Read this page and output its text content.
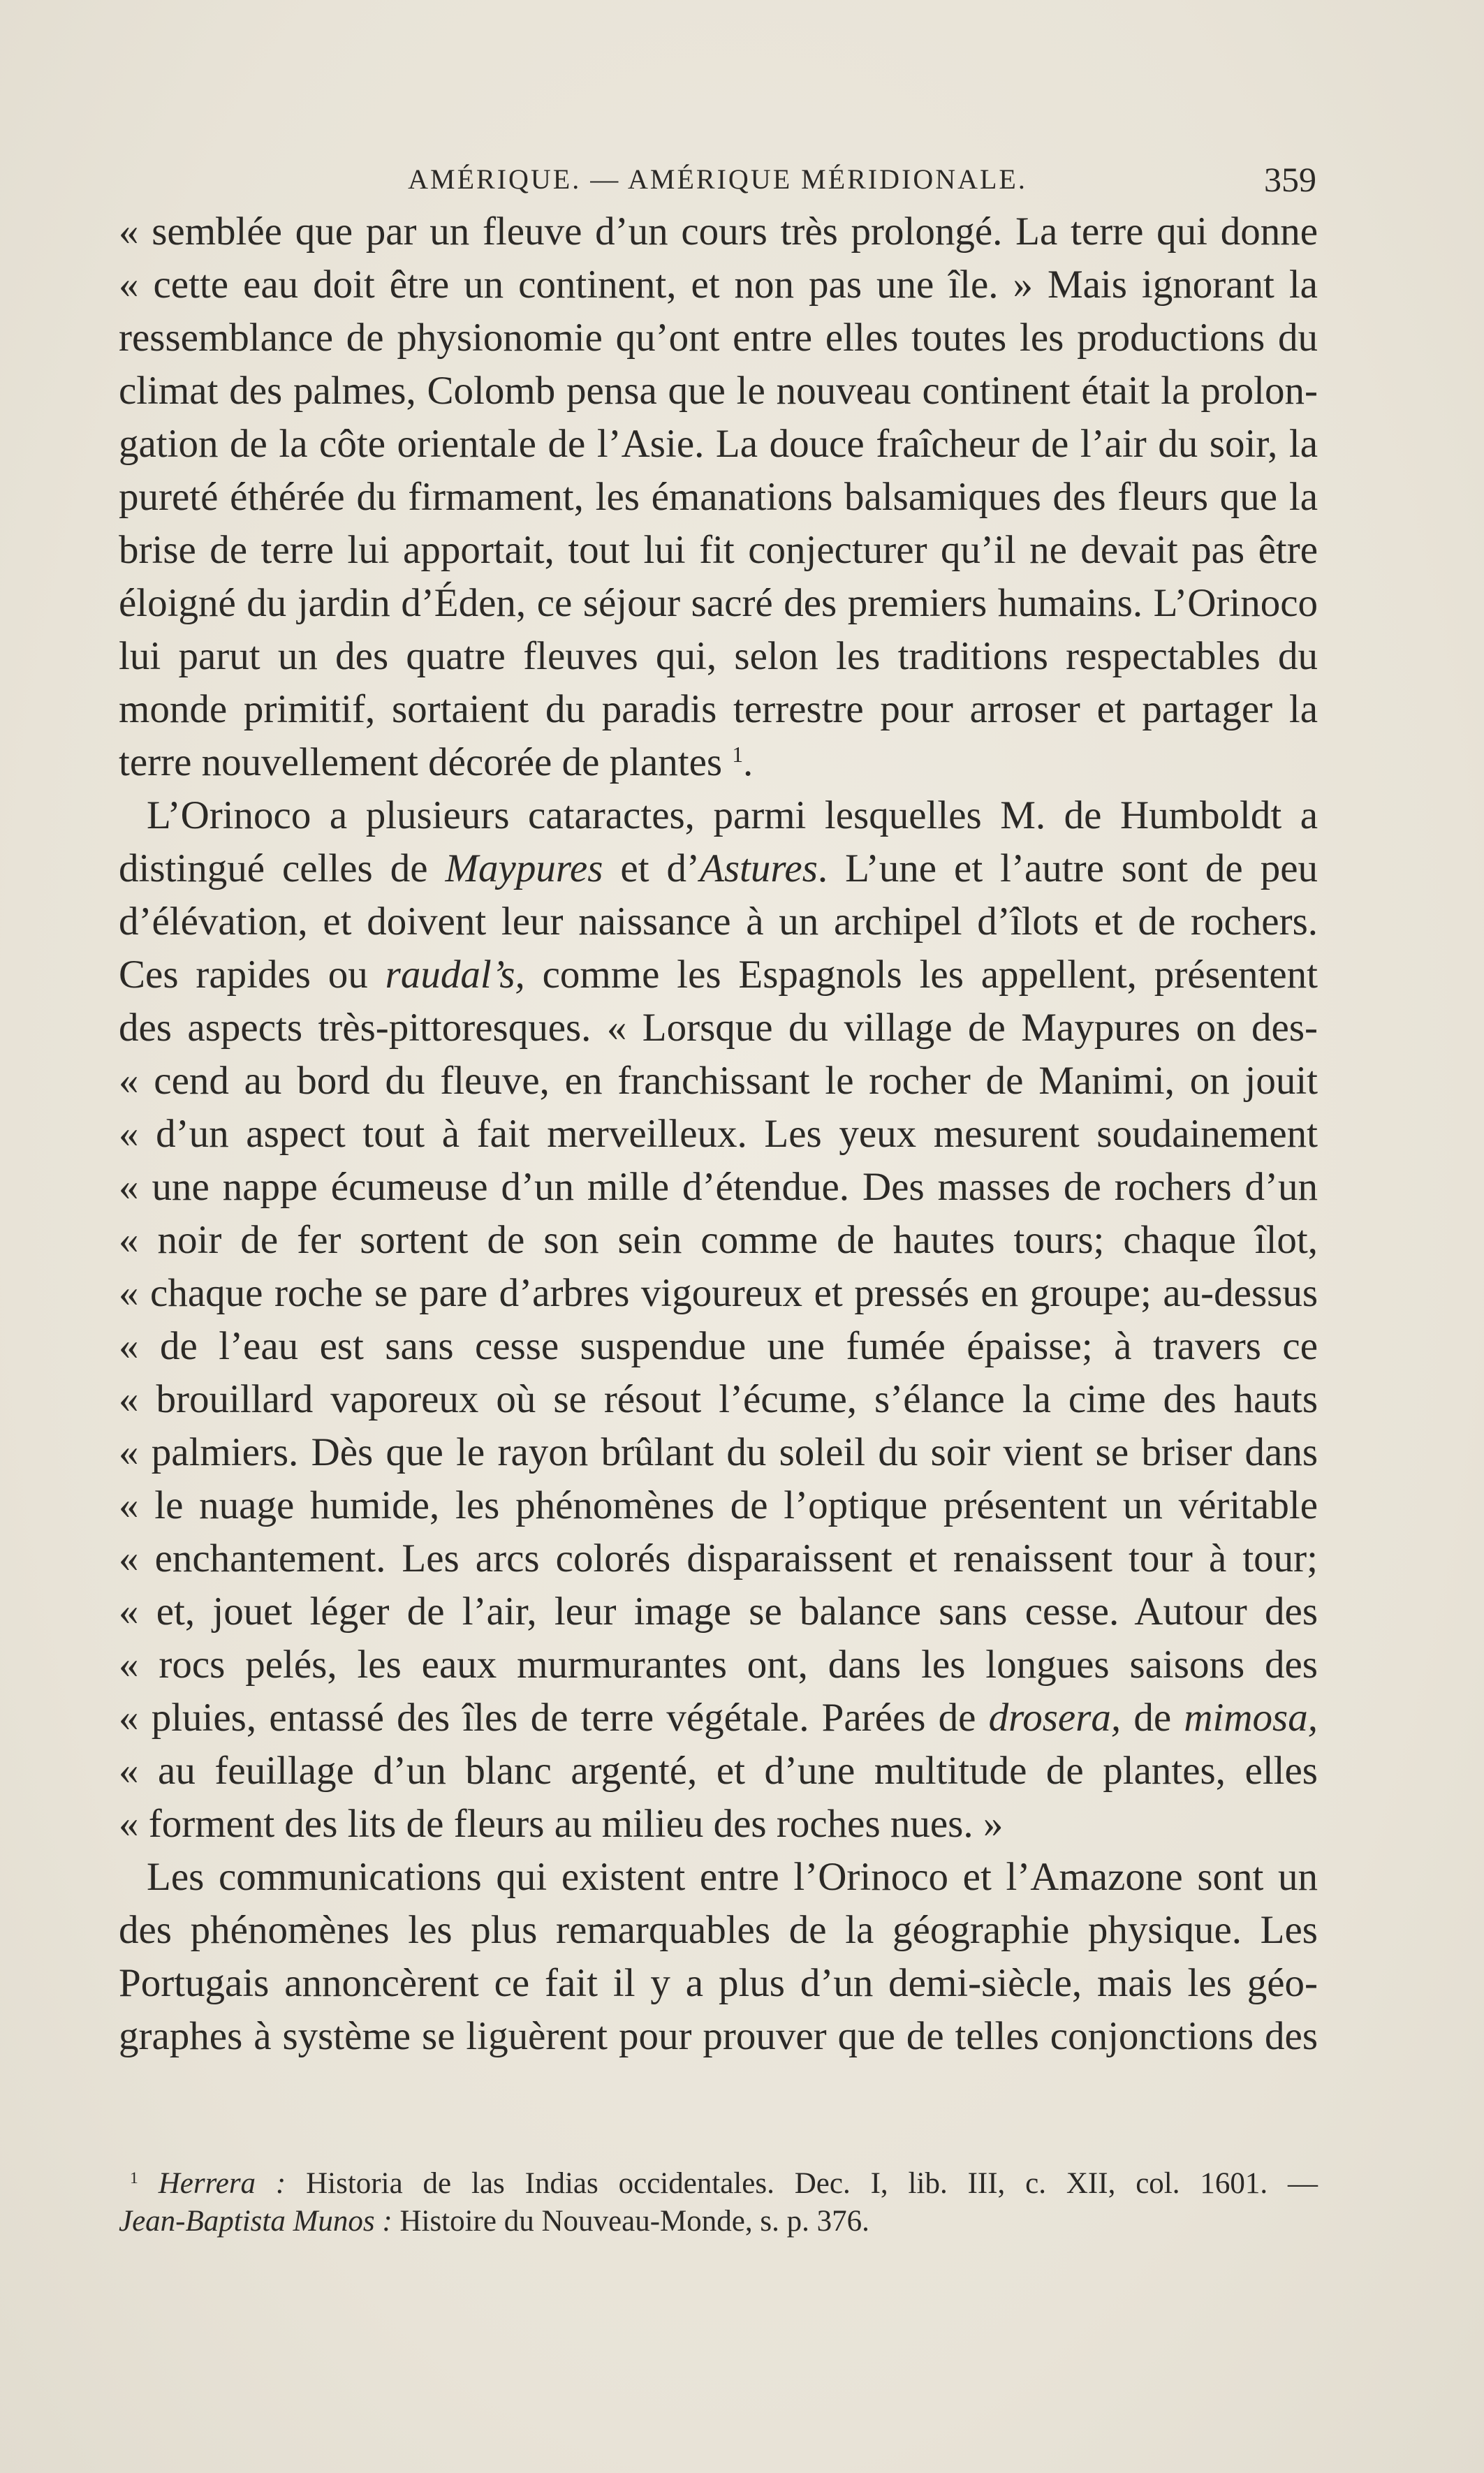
AMÉRIQUE. — AMÉRIQUE MÉRIDIONALE.	359
« semblée que par un fleuve d’un cours très prolongé. La terre qui donne
« cette eau doit être un continent, et non pas une île. » Mais ignorant la
ressemblance de physionomie qu’ont entre elles toutes les productions du
climat des palmes, Colomb pensa que le nouveau continent était la prolon-
gation de la côte orientale de l’Asie. La douce fraîcheur de l’air du soir, la
pureté éthérée du firmament, les émanations balsamiques des fleurs que la
brise de terre lui apportait, tout lui fit conjecturer qu’il ne devait pas être
éloigné du jardin d’Éden, ce séjour sacré des premiers humains. L’Orinoco
lui parut un des quatre fleuves qui, selon les traditions respectables du
monde primitif, sortaient du paradis terrestre pour arroser et partager la
terre nouvellement décorée de plantes $^1$.
L’Orinoco a plusieurs cataractes, parmi lesquelles M. de Humboldt a
distingué celles de Maypures et d’Astures. L’une et l’autre sont de peu
d’élévation, et doivent leur naissance à un archipel d’îlots et de rochers.
Ces rapides ou raudal’s, comme les Espagnols les appellent, présentent
des aspects très-pittoresques. « Lorsque du village de Maypures on des-
« cend au bord du fleuve, en franchissant le rocher de Manimi, on jouit
« d’un aspect tout à fait merveilleux. Les yeux mesurent soudainement
« une nappe écumeuse d’un mille d’étendue. Des masses de rochers d’un
« noir de fer sortent de son sein comme de hautes tours; chaque îlot,
« chaque roche se pare d’arbres vigoureux et pressés en groupe; au-dessus
« de l’eau est sans cesse suspendue une fumée épaisse; à travers ce
« brouillard vaporeux où se résout l’écume, s’élance la cime des hauts
« palmiers. Dès que le rayon brûlant du soleil du soir vient se briser dans
« le nuage humide, les phénomènes de l’optique présentent un véritable
« enchantement. Les arcs colorés disparaissent et renaissent tour à tour;
« et, jouet léger de l’air, leur image se balance sans cesse. Autour des
« rocs pelés, les eaux murmurantes ont, dans les longues saisons des
« pluies, entassé des îles de terre végétale. Parées de drosera, de mimosa,
« au feuillage d’un blanc argenté, et d’une multitude de plantes, elles
« forment des lits de fleurs au milieu des roches nues. »
Les communications qui existent entre l’Orinoco et l’Amazone sont un
des phénomènes les plus remarquables de la géographie physique. Les
Portugais annoncèrent ce fait il y a plus d’un demi-siècle, mais les géo-
graphes à système se liguèrent pour prouver que de telles conjonctions des
$^1$ Herrera : Historia de las Indias occidentales. Dec. I, lib. III, c. XII, col. 1601. —
Jean-Baptista Munos : Histoire du Nouveau-Monde, s. p. 376.
